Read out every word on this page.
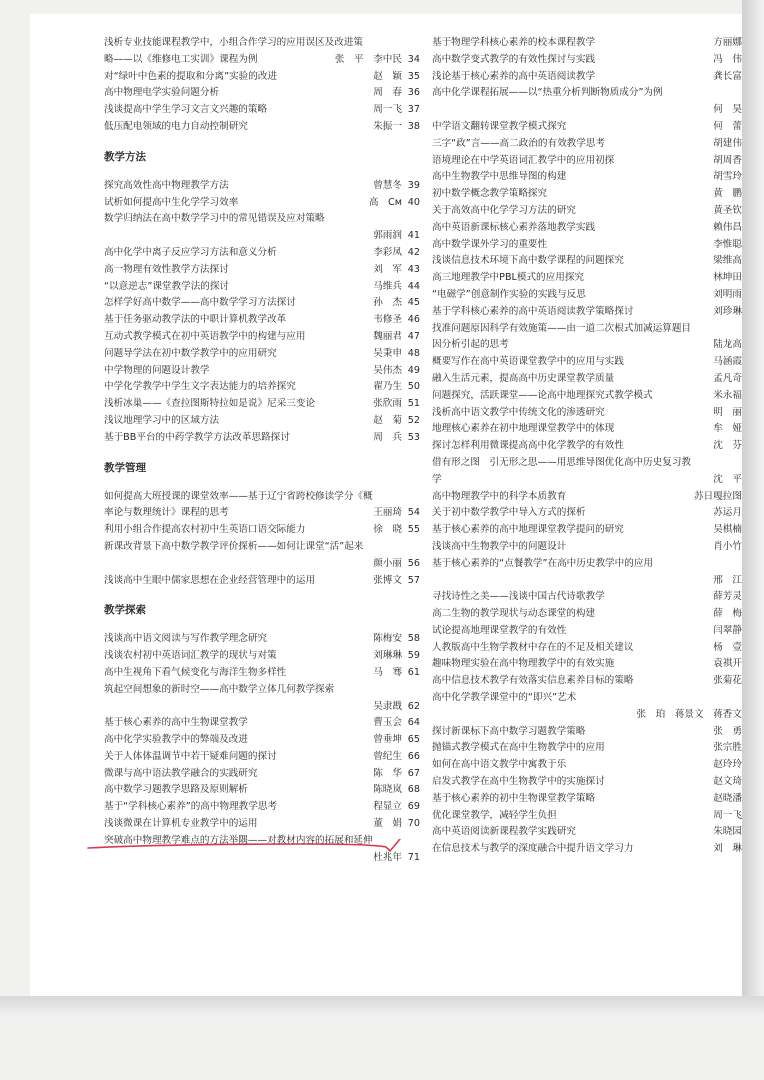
浅析专业技能课程教学中，小组合作学习的应用误区及改进策
略——以《维修电工实训》课程为例	张　平　李中民 34
对“绿叶中色素的提取和分离”实验的改进	赵　颖 35
高中物理电学实验问题分析	周　春 36
浅谈提高中学生学习文言文兴趣的策略	周一飞 37
低压配电领域的电力自动控制研究	朱振一 38
教学方法
探究高效性高中物理教学方法	曾慧冬 39
试析如何提高中生化学学习效率	高　См 40
数学归纳法在高中数学学习中的常见错误及应对策略
郭雨润 41
高中化学中离子反应学习方法和意义分析	李彩凤 42
高一物理有效性教学方法探讨	刘　军 43
“以意逆志”课堂教学法的探讨	马维兵 44
怎样学好高中数学——高中数学学习方法探讨	孙　杰 45
基于任务驱动教学法的中职计算机教学改革	韦修圣 46
互动式教学模式在初中英语教学中的构建与应用	魏丽君 47
问题导学法在初中数学教学中的应用研究	吴秉申 48
中学物理的问题设计教学	吴伟杰 49
中学化学教学中学生文字表达能力的培养探究	翟乃生 50
浅析冰巢——《查拉图斯特拉如是说》尼采三变论	张欣雨 51
浅议地理学习中的区域方法	赵　菊 52
基于BB平台的中药学教学方法改革思路探讨	周　兵 53
教学管理
如何提高大班授课的课堂效率——基于辽宁省跨校修读学分《概
率论与数理统计》课程的思考	王丽琦 54
利用小组合作提高农村初中生英语口语交际能力	徐　晓 55
新课改背景下高中数学教学评价探析——如何让课堂“活”起来
颜小丽 56
浅谈高中生眼中儒家思想在企业经营管理中的运用	张博文 57
教学探索
浅谈高中语文阅读与写作教学理念研究	陈梅安 58
浅谈农村初中英语词汇教学的现状与对策	刘琳琳 59
高中生视角下看气候变化与海洋生物多样性	马　骞 61
筑起空间想象的新时空——高中数学立体几何教学探索
吴隶戡 62
基于核心素养的高中生物课堂教学	曹玉会 64
高中化学实验教学中的弊端及改进	曾垂坤 65
关于人体体温调节中若干疑难问题的探讨	曾纪生 66
微课与高中语法教学融合的实践研究	陈　华 67
高中数学习题教学思路及原则解析	陈晓岚 68
基于“学科核心素养”的高中物理教学思考	程显立 69
浅谈微课在计算机专业教学中的运用	董　娟 70
突破高中物理教学难点的方法举隅——对教材内容的拓展和延伸
杜兆年 71
基于物理学科核心素养的校本课程教学	方丽娜
高中数学变式教学的有效性探讨与实践	冯　伟
浅论基于核心素养的高中英语阅读教学	龚长富
高中化学课程拓展——以“热重分析判断物质成分”为例
何　昊
中学语文翻转课堂教学模式探究	何　蕾
三字“政”言——高二政治的有效教学思考	胡建伟
语境理论在中学英语词汇教学中的应用初探	胡周香
高中生物教学中思维导图的构建	胡雪玲
初中数学概念教学策略探究	黄　鹏
关于高效高中化学学习方法的研究	黄圣钦
高中英语新课标核心素养落地教学实践	赖伟昌
高中数学课外学习的重要性	李惟聪
浅谈信息技术环境下高中数学课程的问题探究	梁维高
高三地理教学中PBL模式的应用探究	林坤田
“电磁学”创意制作实验的实践与反思	刘明雨
基于学科核心素养的高中英语阅读教学策略探讨	刘珍琳
找准问题原因科学有效施策——由一道二次根式加减运算题目
因分析引起的思考	陆龙高
概要写作在高中英语课堂教学中的应用与实践	马涵霞
融入生活元素，提高高中历史课堂教学质量	孟凡奇
问题探究，活跃课堂——论高中地理探究式教学模式	米永福
浅析高中语文教学中传统文化的渗透研究	明　丽
地理核心素养在初中地理课堂教学中的体现	牟　娅
探讨怎样利用微课提高高中化学教学的有效性	沈　芬
借有形之图　引无形之思——用思维导图优化高中历史复习教
学	沈　平
高中物理教学中的科学本质教育	苏日嘎拉图
关于初中数学教学中导入方式的探析	苏运月
基于核心素养的高中地理课堂教学提问的研究	吴棋楠
浅谈高中生物教学中的问题设计	肖小竹
基于核心素养的“点餐教学”在高中历史教学中的应用
邢　江
寻找诗性之美——浅谈中国古代诗歌教学	薛芳灵
高二生物的教学现状与动态课堂的构建	薛　梅
试论提高地理课堂教学的有效性	闫翠静
人教版高中生物学教材中存在的不足及相关建议	杨　壹
趣味物理实验在高中物理教学中的有效实施	袁祺开
高中信息技术教学有效落实信息素养目标的策略	张菊花
高中化学教学课堂中的“即兴”艺术
张　珀　蒋景文　蒋香文
探讨新课标下高中数学习题教学策略	张　勇
抛锚式教学模式在高中生物教学中的应用	张宗胜
如何在高中语文教学中寓教于乐	赵玲玲
启发式教学在高中生物教学中的实施探讨	赵文琦
基于核心素养的初中生物课堂教学策略	赵晓潘
优化课堂教学，减轻学生负担	周一飞
高中英语阅读新课程教学实践研究	朱晓园
在信息技术与教学的深度融合中提升语文学习力	刘　琳
